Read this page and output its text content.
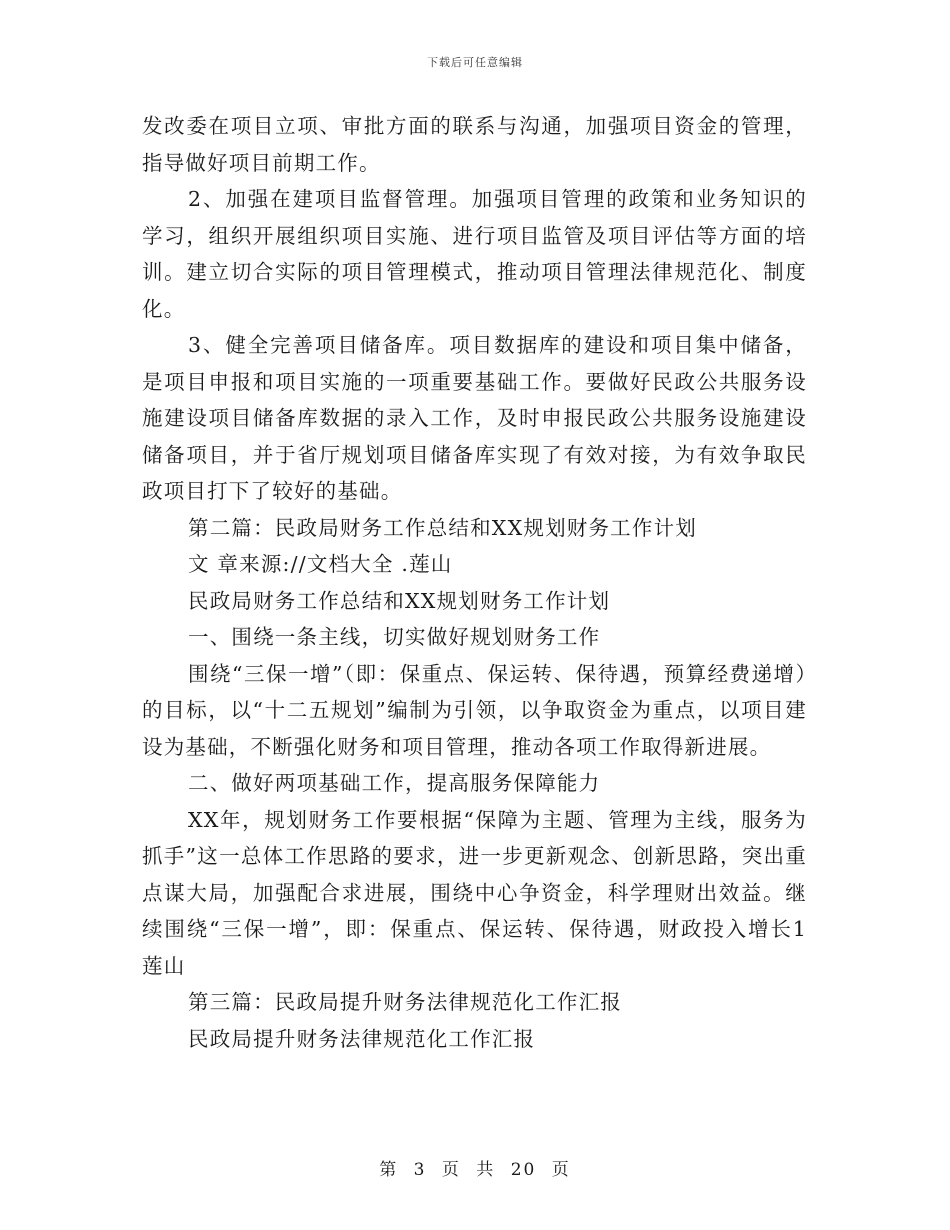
下载后可任意编辑

发改委在项目立项、审批方面的联系与沟通，加强项目资金的管理，指导做好项目前期工作。

2、加强在建项目监督管理。加强项目管理的政策和业务知识的学习，组织开展组织项目实施、进行项目监管及项目评估等方面的培训。建立切合实际的项目管理模式，推动项目管理法律规范化、制度化。

3、健全完善项目储备库。项目数据库的建设和项目集中储备，是项目申报和项目实施的一项重要基础工作。要做好民政公共服务设施建设项目储备库数据的录入工作，及时申报民政公共服务设施建设储备项目，并于省厅规划项目储备库实现了有效对接，为有效争取民政项目打下了较好的基础。

第二篇：民政局财务工作总结和XX规划财务工作计划

文 章来源://文档大全 .莲山

民政局财务工作总结和XX规划财务工作计划

一、围绕一条主线，切实做好规划财务工作

围绕“三保一增”（即：保重点、保运转、保待遇，预算经费递增）的目标，以“十二五规划”编制为引领，以争取资金为重点，以项目建设为基础，不断强化财务和项目管理，推动各项工作取得新进展。

二、做好两项基础工作，提高服务保障能力

XX年，规划财务工作要根据“保障为主题、管理为主线，服务为抓手”这一总体工作思路的要求，进一步更新观念、创新思路，突出重点谋大局，加强配合求进展，围绕中心争资金，科学理财出效益。继续围绕“三保一增”，即：保重点、保运转、保待遇，财政投入增长1莲山

第三篇：民政局提升财务法律规范化工作汇报

民政局提升财务法律规范化工作汇报

第 3 页 共 20 页
